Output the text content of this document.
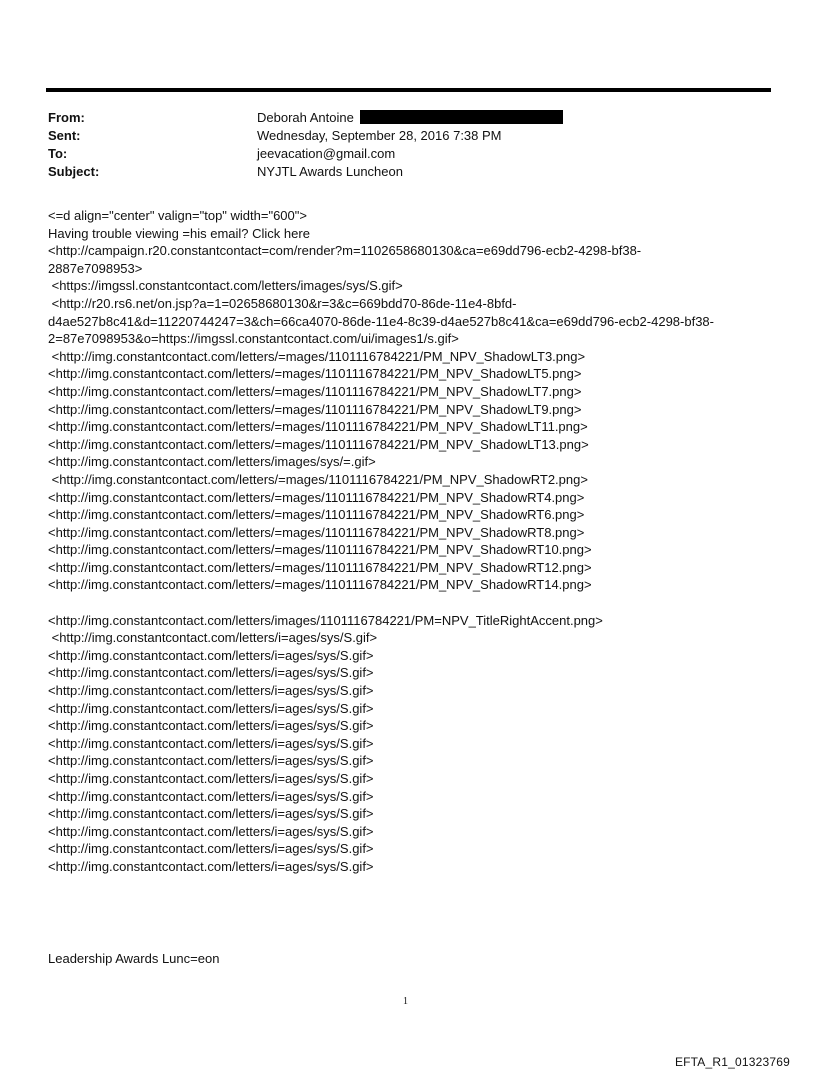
From:	Deborah Antoine
Sent:	Wednesday, September 28, 2016 7:38 PM
To:	jeevacation@gmail.com
Subject:	NYJTL Awards Luncheon
<=d align="center" valign="top" width="600">
Having trouble viewing =his email? Click here
<http://campaign.r20.constantcontact=com/render?m=1102658680130&ca=e69dd796-ecb2-4298-bf38-
2887e7098953>
<https://imgssl.constantcontact.com/letters/images/sys/S.gif>
<http://r20.rs6.net/on.jsp?a=1=02658680130&r=3&c=669bdd70-86de-11e4-8bfd-
d4ae527b8c41&d=11220744247=3&ch=66ca4070-86de-11e4-8c39-d4ae527b8c41&ca=e69dd796-ecb2-4298-bf38-
2=87e7098953&o=https://imgssl.constantcontact.com/ui/images1/s.gif>
<http://img.constantcontact.com/letters/=mages/1101116784221/PM_NPV_ShadowLT3.png>
<http://img.constantcontact.com/letters/=mages/1101116784221/PM_NPV_ShadowLT5.png>
<http://img.constantcontact.com/letters/=mages/1101116784221/PM_NPV_ShadowLT7.png>
<http://img.constantcontact.com/letters/=mages/1101116784221/PM_NPV_ShadowLT9.png>
<http://img.constantcontact.com/letters/=mages/1101116784221/PM_NPV_ShadowLT11.png>
<http://img.constantcontact.com/letters/=mages/1101116784221/PM_NPV_ShadowLT13.png>
<http://img.constantcontact.com/letters/images/sys/=.gif>
<http://img.constantcontact.com/letters/=mages/1101116784221/PM_NPV_ShadowRT2.png>
<http://img.constantcontact.com/letters/=mages/1101116784221/PM_NPV_ShadowRT4.png>
<http://img.constantcontact.com/letters/=mages/1101116784221/PM_NPV_ShadowRT6.png>
<http://img.constantcontact.com/letters/=mages/1101116784221/PM_NPV_ShadowRT8.png>
<http://img.constantcontact.com/letters/=mages/1101116784221/PM_NPV_ShadowRT10.png>
<http://img.constantcontact.com/letters/=mages/1101116784221/PM_NPV_ShadowRT12.png>
<http://img.constantcontact.com/letters/=mages/1101116784221/PM_NPV_ShadowRT14.png>
<http://img.constantcontact.com/letters/images/1101116784221/PM=NPV_TitleRightAccent.png>
<http://img.constantcontact.com/letters/i=ages/sys/S.gif>
<http://img.constantcontact.com/letters/i=ages/sys/S.gif>
<http://img.constantcontact.com/letters/i=ages/sys/S.gif>
<http://img.constantcontact.com/letters/i=ages/sys/S.gif>
<http://img.constantcontact.com/letters/i=ages/sys/S.gif>
<http://img.constantcontact.com/letters/i=ages/sys/S.gif>
<http://img.constantcontact.com/letters/i=ages/sys/S.gif>
<http://img.constantcontact.com/letters/i=ages/sys/S.gif>
<http://img.constantcontact.com/letters/i=ages/sys/S.gif>
<http://img.constantcontact.com/letters/i=ages/sys/S.gif>
<http://img.constantcontact.com/letters/i=ages/sys/S.gif>
<http://img.constantcontact.com/letters/i=ages/sys/S.gif>
<http://img.constantcontact.com/letters/i=ages/sys/S.gif>
<http://img.constantcontact.com/letters/i=ages/sys/S.gif>
Leadership Awards Lunc=eon
1
EFTA_R1_01323769
